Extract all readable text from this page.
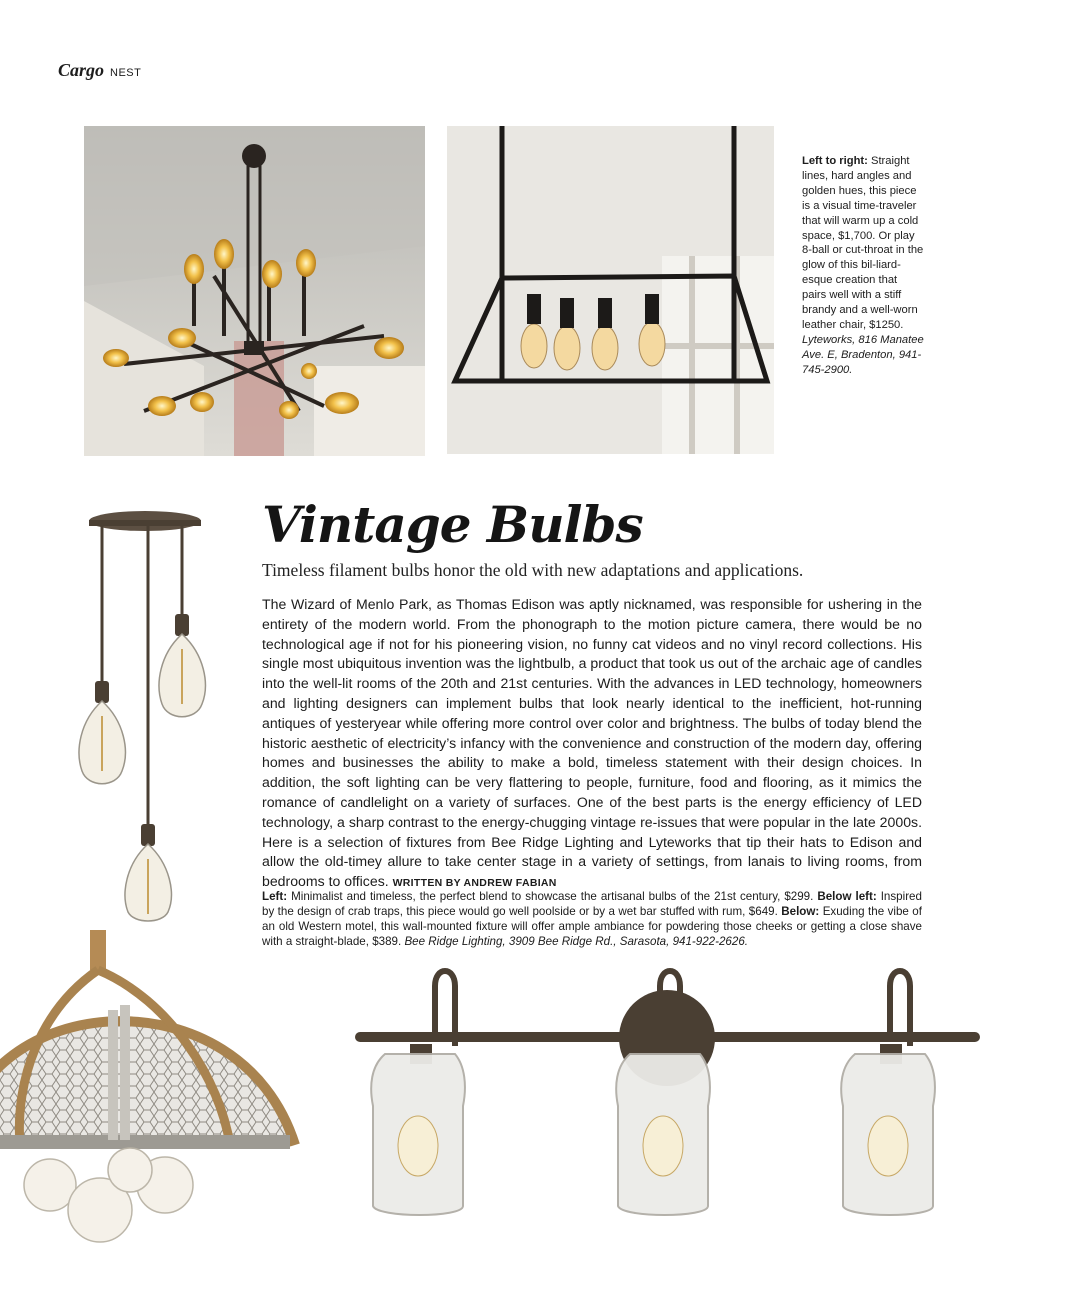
Cargo NEST
Left to right: Straight lines, hard angles and golden hues, this piece is a visual time-traveler that will warm up a cold space, $1,700. Or play 8-ball or cut-throat in the glow of this bil-liard-esque creation that pairs well with a stiff brandy and a well-worn leather chair, $1250. Lyteworks, 816 Manatee Ave. E, Bradenton, 941-745-2900.
Vintage Bulbs
Timeless filament bulbs honor the old with new adaptations and applications.
The Wizard of Menlo Park, as Thomas Edison was aptly nicknamed, was responsible for ushering in the entirety of the modern world. From the phonograph to the motion picture camera, there would be no technological age if not for his pioneering vision, no funny cat videos and no vinyl record collections. His single most ubiquitous invention was the lightbulb, a product that took us out of the archaic age of candles into the well-lit rooms of the 20th and 21st centuries. With the advances in LED technology, homeowners and lighting designers can implement bulbs that look nearly identical to the inefficient, hot-running antiques of yesteryear while offering more control over color and brightness. The bulbs of today blend the historic aesthetic of electricity’s infancy with the convenience and construction of the modern day, offering homes and businesses the ability to make a bold, timeless statement with their design choices. In addition, the soft lighting can be very flattering to people, furniture, food and flooring, as it mimics the romance of candlelight on a variety of surfaces. One of the best parts is the energy efficiency of LED technology, a sharp contrast to the energy-chugging vintage re-issues that were popular in the late 2000s. Here is a selection of fixtures from Bee Ridge Lighting and Lyteworks that tip their hats to Edison and allow the old-timey allure to take center stage in a variety of settings, from lanais to living rooms, from bedrooms to offices. WRITTEN BY ANDREW FABIAN
Left: Minimalist and timeless, the perfect blend to showcase the artisanal bulbs of the 21st century, $299. Below left: Inspired by the design of crab traps, this piece would go well poolside or by a wet bar stuffed with rum, $649. Below: Exuding the vibe of an old Western motel, this wall-mounted fixture will offer ample ambiance for powdering those cheeks or getting a close shave with a straight-blade, $389. Bee Ridge Lighting, 3909 Bee Ridge Rd., Sarasota, 941-922-2626.
